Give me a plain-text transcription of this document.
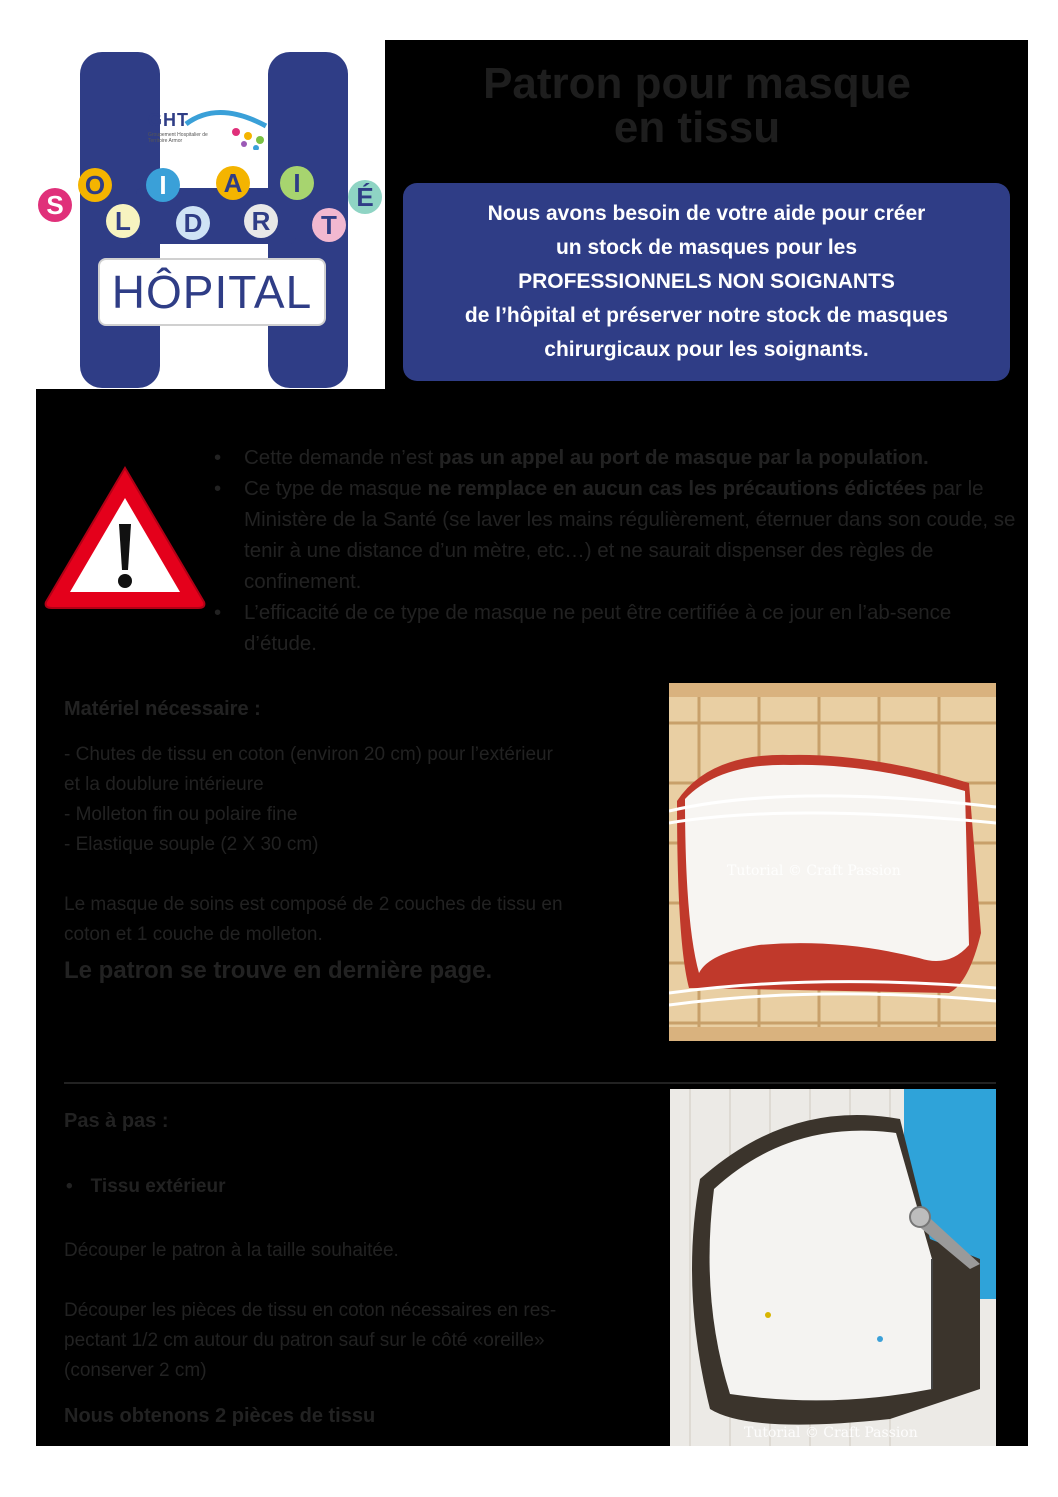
GHT
Groupement Hospitalier de Territoire Armor
S
O
L
I
D
A
R
I
T
É
HÔPITAL
Patron pour masque
en tissu
Nous avons besoin de votre aide pour créer
un stock de masques pour les
PROFESSIONNELS NON SOIGNANTS
de l’hôpital et préserver notre stock de masques
chirurgicaux pour les soignants.
• Cette demande n’est pas un appel au port de masque par la population.
• Ce type de masque ne remplace en aucun cas les précautions édictées par le Ministère de la Santé (se laver les mains régulièrement, éternuer dans son coude, se tenir à une distance d’un mètre, etc…) et ne saurait dispenser des règles de confinement.
• L’efficacité de ce type de masque ne peut être certifiée à ce jour en l’ab-sence d’étude.
Matériel nécessaire :
- Chutes de tissu en coton (environ 20 cm) pour l’extérieur
et la doublure intérieure
- Molleton fin ou polaire fine
- Elastique souple (2 X 30 cm)
Le masque de soins est composé de 2 couches de tissu en
coton et 1 couche de molleton.
Le patron se trouve en dernière page.
Tutorial © Craft Passion
Pas à pas :
• Tissu extérieur
Découper le patron à la taille souhaitée.
Découper les pièces de tissu en coton nécessaires en res-
pectant 1/2 cm autour du patron sauf sur le côté «oreille»
(conserver 2 cm)
Nous obtenons 2 pièces de tissu
Tutorial © Craft Passion
